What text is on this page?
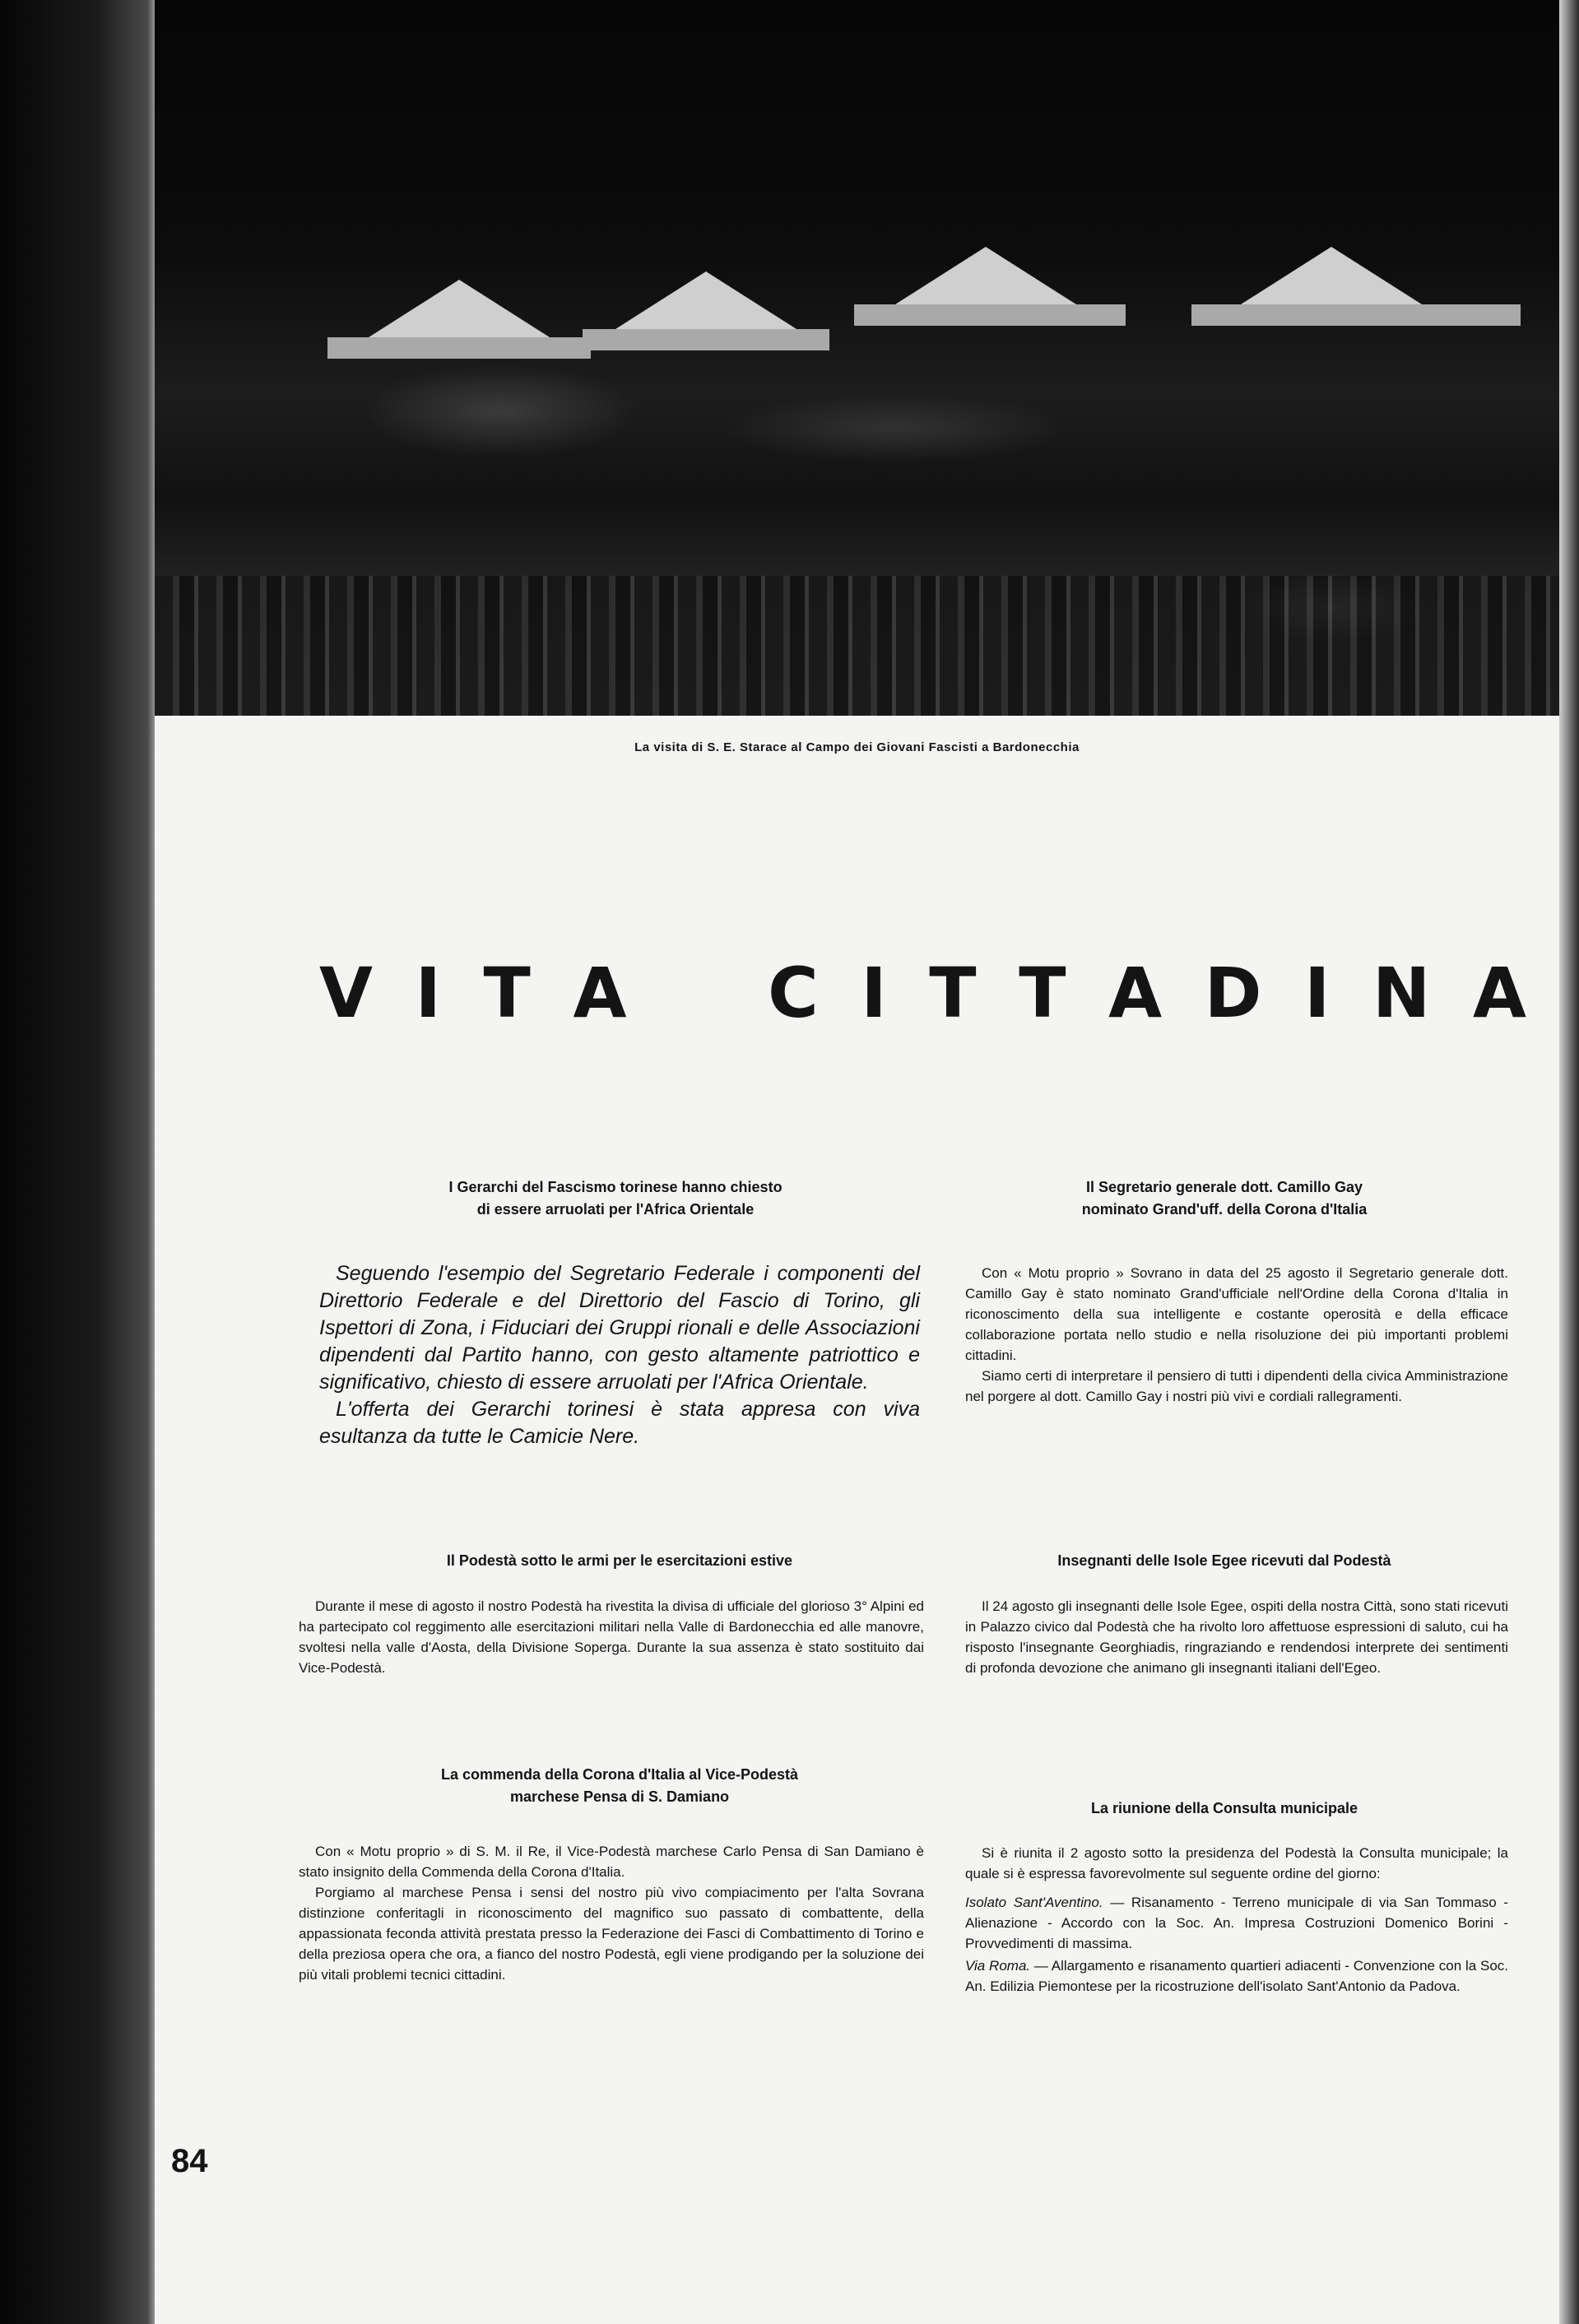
La visita di S. E. Starace al Campo dei Giovani Fascisti a Bardonecchia
V I T A C I T T A D I N A
I Gerarchi del Fascismo torinese hanno chiesto
di essere arruolati per l'Africa Orientale

Seguendo l'esempio del Segretario Federale i componenti del Direttorio Federale e del Direttorio del Fascio di Torino, gli Ispettori di Zona, i Fiduciari dei Gruppi rionali e delle Associazioni dipendenti dal Partito hanno, con gesto altamente patriottico e significativo, chiesto di essere arruolati per l'Africa Orientale.

L'offerta dei Gerarchi torinesi è stata appresa con viva esultanza da tutte le Camicie Nere.

Il Segretario generale dott. Camillo Gay
nominato Grand'uff. della Corona d'Italia

Con « Motu proprio » Sovrano in data del 25 agosto il Segretario generale dott. Camillo Gay è stato nominato Grand'ufficiale nell'Ordine della Corona d'Italia in riconoscimento della sua intelligente e costante operosità e della efficace collaborazione portata nello studio e nella risoluzione dei più importanti problemi cittadini.

Siamo certi di interpretare il pensiero di tutti i dipendenti della civica Amministrazione nel porgere al dott. Camillo Gay i nostri più vivi e cordiali rallegramenti.

Il Podestà sotto le armi per le esercitazioni estive

Durante il mese di agosto il nostro Podestà ha rivestita la divisa di ufficiale del glorioso 3° Alpini ed ha partecipato col reggimento alle esercitazioni militari nella Valle di Bardonecchia ed alle manovre, svoltesi nella valle d'Aosta, della Divisione Soperga. Durante la sua assenza è stato sostituito dai Vice-Podestà.

Insegnanti delle Isole Egee ricevuti dal Podestà

Il 24 agosto gli insegnanti delle Isole Egee, ospiti della nostra Città, sono stati ricevuti in Palazzo civico dal Podestà che ha rivolto loro affettuose espressioni di saluto, cui ha risposto l'insegnante Georghiadis, ringraziando e rendendosi interprete dei sentimenti di profonda devozione che animano gli insegnanti italiani dell'Egeo.

La commenda della Corona d'Italia al Vice-Podestà
marchese Pensa di S. Damiano

Con « Motu proprio » di S. M. il Re, il Vice-Podestà marchese Carlo Pensa di San Damiano è stato insignito della Commenda della Corona d'Italia.

Porgiamo al marchese Pensa i sensi del nostro più vivo compiacimento per l'alta Sovrana distinzione conferitagli in riconoscimento del magnifico suo passato di combattente, della appassionata feconda attività prestata presso la Federazione dei Fasci di Combattimento di Torino e della preziosa opera che ora, a fianco del nostro Podestà, egli viene prodigando per la soluzione dei più vitali problemi tecnici cittadini.

La riunione della Consulta municipale

Si è riunita il 2 agosto sotto la presidenza del Podestà la Consulta municipale; la quale si è espressa favorevolmente sul seguente ordine del giorno:

Isolato Sant'Aventino. — Risanamento - Terreno municipale di via San Tommaso - Alienazione - Accordo con la Soc. An. Impresa Costruzioni Domenico Borini - Provvedimenti di massima.

Via Roma. — Allargamento e risanamento quartieri adiacenti - Convenzione con la Soc. An. Edilizia Piemontese per la ricostruzione dell'isolato Sant'Antonio da Padova.

84
